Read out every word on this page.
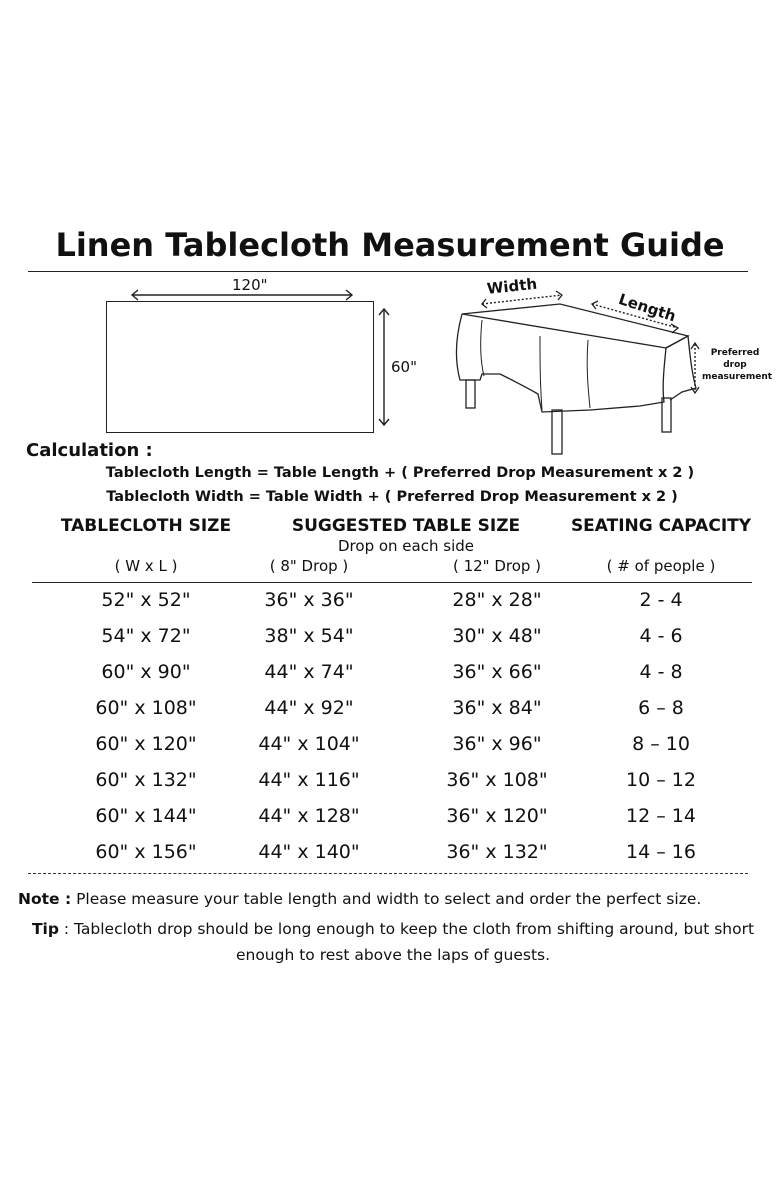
Linen Tablecloth Measurement Guide
120"
60"
Width
Length
Preferred
drop
measurement
Calculation :
Tablecloth Length = Table Length + ( Preferred Drop Measurement x 2 )
Tablecloth Width = Table Width + ( Preferred Drop Measurement x 2 )
TABLECLOTH SIZE	SUGGESTED TABLE SIZE	SEATING CAPACITY
Drop on each side
( W x L )	( 8" Drop )	( 12" Drop )	( # of people )
52" x 52"	36" x 36"	28" x 28"	2 - 4
54" x 72"	38" x 54"	30" x 48"	4 - 6
60" x 90"	44" x 74"	36" x 66"	4 - 8
60" x 108"	44" x 92"	36" x 84"	6 – 8
60" x 120"	44" x 104"	36" x 96"	8 – 10
60" x 132"	44" x 116"	36" x 108"	10 – 12
60" x 144"	44" x 128"	36" x 120"	12 – 14
60" x 156"	44" x 140"	36" x 132"	14 – 16
Note : Please measure your table length and width to select and order the perfect size.
Tip : Tablecloth drop should be long enough to keep the cloth from shifting around, but short enough to rest above the laps of guests.
